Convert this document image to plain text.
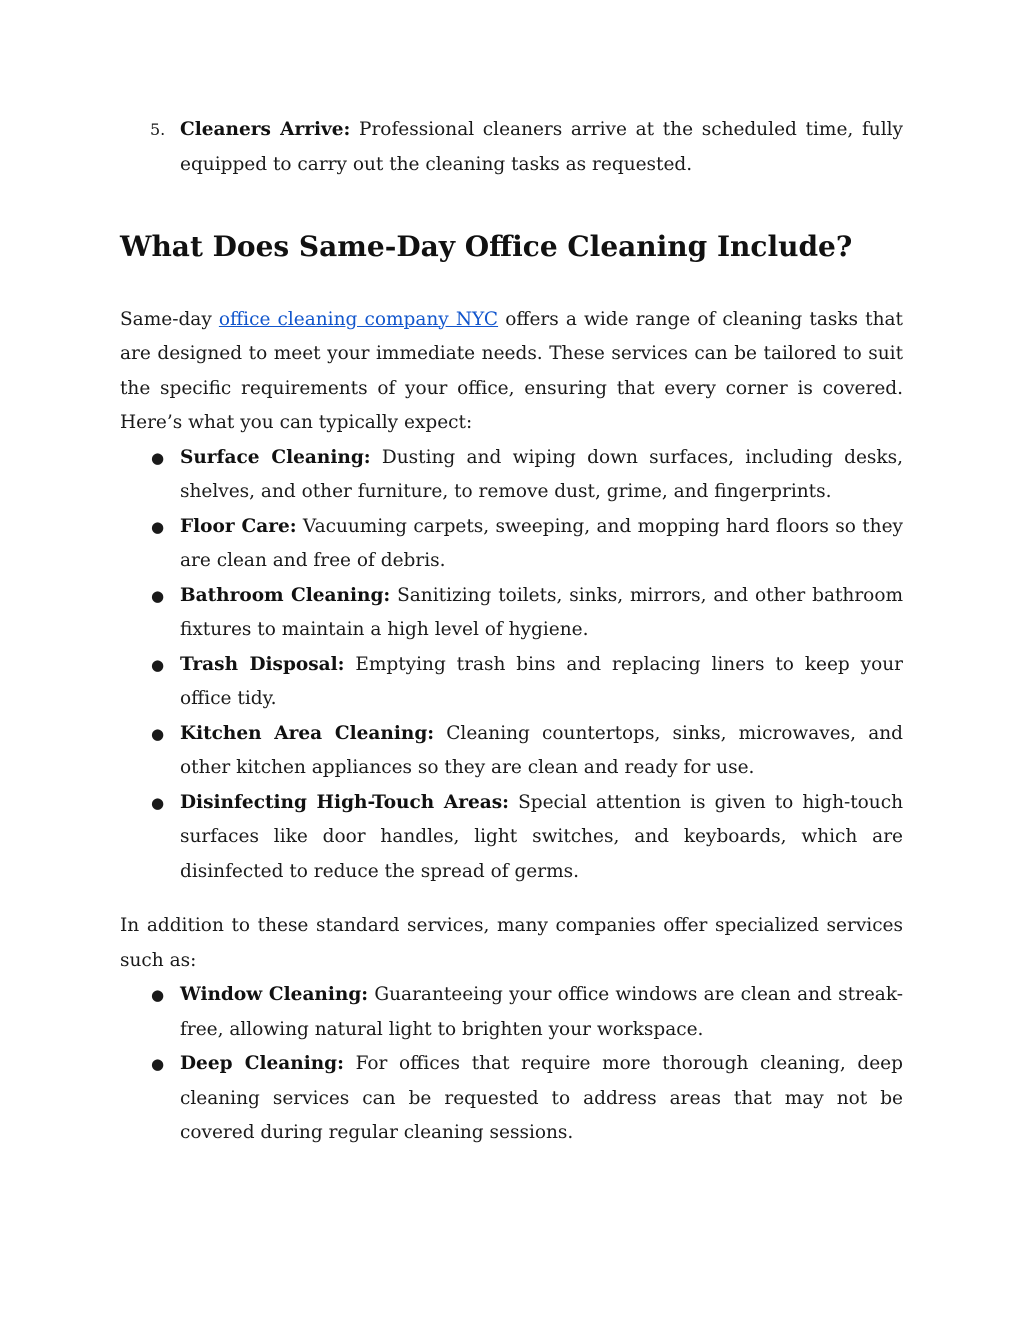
5. Cleaners Arrive: Professional cleaners arrive at the scheduled time, fully equipped to carry out the cleaning tasks as requested.

What Does Same-Day Office Cleaning Include?

Same-day office cleaning company NYC offers a wide range of cleaning tasks that are designed to meet your immediate needs. These services can be tailored to suit the specific requirements of your office, ensuring that every corner is covered. Here’s what you can typically expect:

● Surface Cleaning: Dusting and wiping down surfaces, including desks, shelves, and other furniture, to remove dust, grime, and fingerprints.
● Floor Care: Vacuuming carpets, sweeping, and mopping hard floors so they are clean and free of debris.
● Bathroom Cleaning: Sanitizing toilets, sinks, mirrors, and other bathroom fixtures to maintain a high level of hygiene.
● Trash Disposal: Emptying trash bins and replacing liners to keep your office tidy.
● Kitchen Area Cleaning: Cleaning countertops, sinks, microwaves, and other kitchen appliances so they are clean and ready for use.
● Disinfecting High-Touch Areas: Special attention is given to high-touch surfaces like door handles, light switches, and keyboards, which are disinfected to reduce the spread of germs.

In addition to these standard services, many companies offer specialized services such as:

● Window Cleaning: Guaranteeing your office windows are clean and streak-free, allowing natural light to brighten your workspace.
● Deep Cleaning: For offices that require more thorough cleaning, deep cleaning services can be requested to address areas that may not be covered during regular cleaning sessions.
